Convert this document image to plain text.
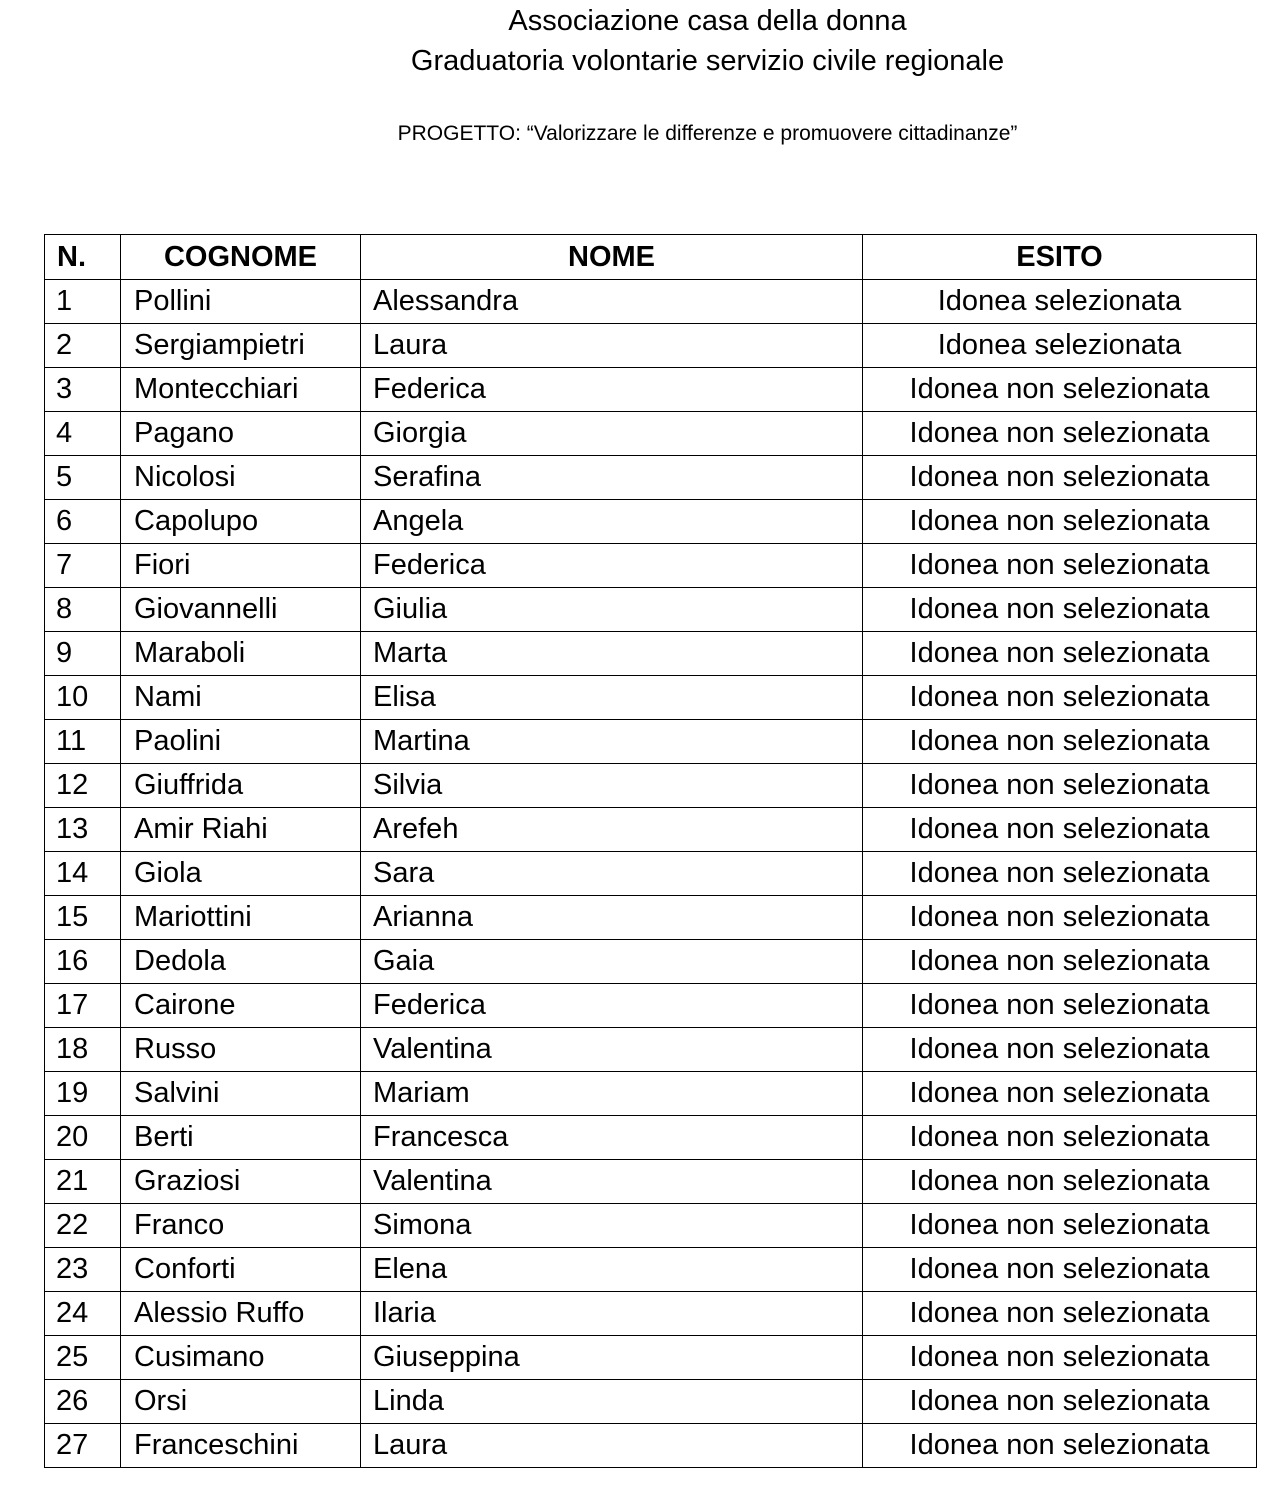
Associazione casa della donna
Graduatoria volontarie servizio civile regionale
PROGETTO: “Valorizzare le differenze e promuovere cittadinanze”
N.	COGNOME	NOME	ESITO
1	Pollini	Alessandra	Idonea selezionata
2	Sergiampietri	Laura	Idonea selezionata
3	Montecchiari	Federica	Idonea non selezionata
4	Pagano	Giorgia	Idonea non selezionata
5	Nicolosi	Serafina	Idonea non selezionata
6	Capolupo	Angela	Idonea non selezionata
7	Fiori	Federica	Idonea non selezionata
8	Giovannelli	Giulia	Idonea non selezionata
9	Maraboli	Marta	Idonea non selezionata
10	Nami	Elisa	Idonea non selezionata
11	Paolini	Martina	Idonea non selezionata
12	Giuffrida	Silvia	Idonea non selezionata
13	Amir Riahi	Arefeh	Idonea non selezionata
14	Giola	Sara	Idonea non selezionata
15	Mariottini	Arianna	Idonea non selezionata
16	Dedola	Gaia	Idonea non selezionata
17	Cairone	Federica	Idonea non selezionata
18	Russo	Valentina	Idonea non selezionata
19	Salvini	Mariam	Idonea non selezionata
20	Berti	Francesca	Idonea non selezionata
21	Graziosi	Valentina	Idonea non selezionata
22	Franco	Simona	Idonea non selezionata
23	Conforti	Elena	Idonea non selezionata
24	Alessio Ruffo	Ilaria	Idonea non selezionata
25	Cusimano	Giuseppina	Idonea non selezionata
26	Orsi	Linda	Idonea non selezionata
27	Franceschini	Laura	Idonea non selezionata
